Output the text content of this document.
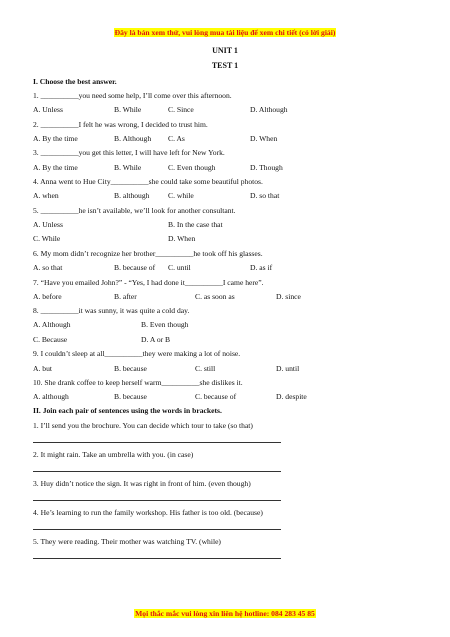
Đây là bản xem thử, vui lòng mua tài liệu để xem chi tiết (có lời giải)
UNIT 1
TEST 1
I. Choose the best answer.
1. __________you need some help, I’ll come over this afternoon.
A. Unless	B. While	C. Since	D. Although
2. __________I felt he was wrong, I decided to trust him.
A. By the time	B. Although C. As	D. When
3. __________you get this letter, I will have left for New York.
A. By the time	B. While	C. Even though	D. Though
4. Anna went to Hue City__________she could take some beautiful photos.
A. when	B. although C. while	D. so that
5. __________he isn’t available, we’ll look for another consultant.
A. Unless	B. In the case that
C. While	D. When
6. My mom didn’t recognize her brother__________he took off his glasses.
A. so that	B. because of C. until	D. as if
7. “Have you emailed John?” - “Yes, I had done it__________I came here”.
A. before	B. after	C. as soon as	D. since
8. __________it was sunny, it was quite a cold day.
A. Although	B. Even though
C. Because	D. A or B
9. I couldn’t sleep at all__________they were making a lot of noise.
A. but	B. because	C. still	D. until
10. She drank coffee to keep herself warm__________she dislikes it.
A. although	B. because	C. because of	D. despite
II. Join each pair of sentences using the words in brackets.
1. I’ll send you the brochure. You can decide which tour to take (so that)
2. It might rain. Take an umbrella with you. (in case)
3. Huy didn’t notice the sign. It was right in front of him. (even though)
4. He’s learning to run the family workshop. His father is too old. (because)
5. They were reading. Their mother was watching TV. (while)
Mọi thắc mắc vui lòng xin liên hệ hotline: 084 283 45 85
